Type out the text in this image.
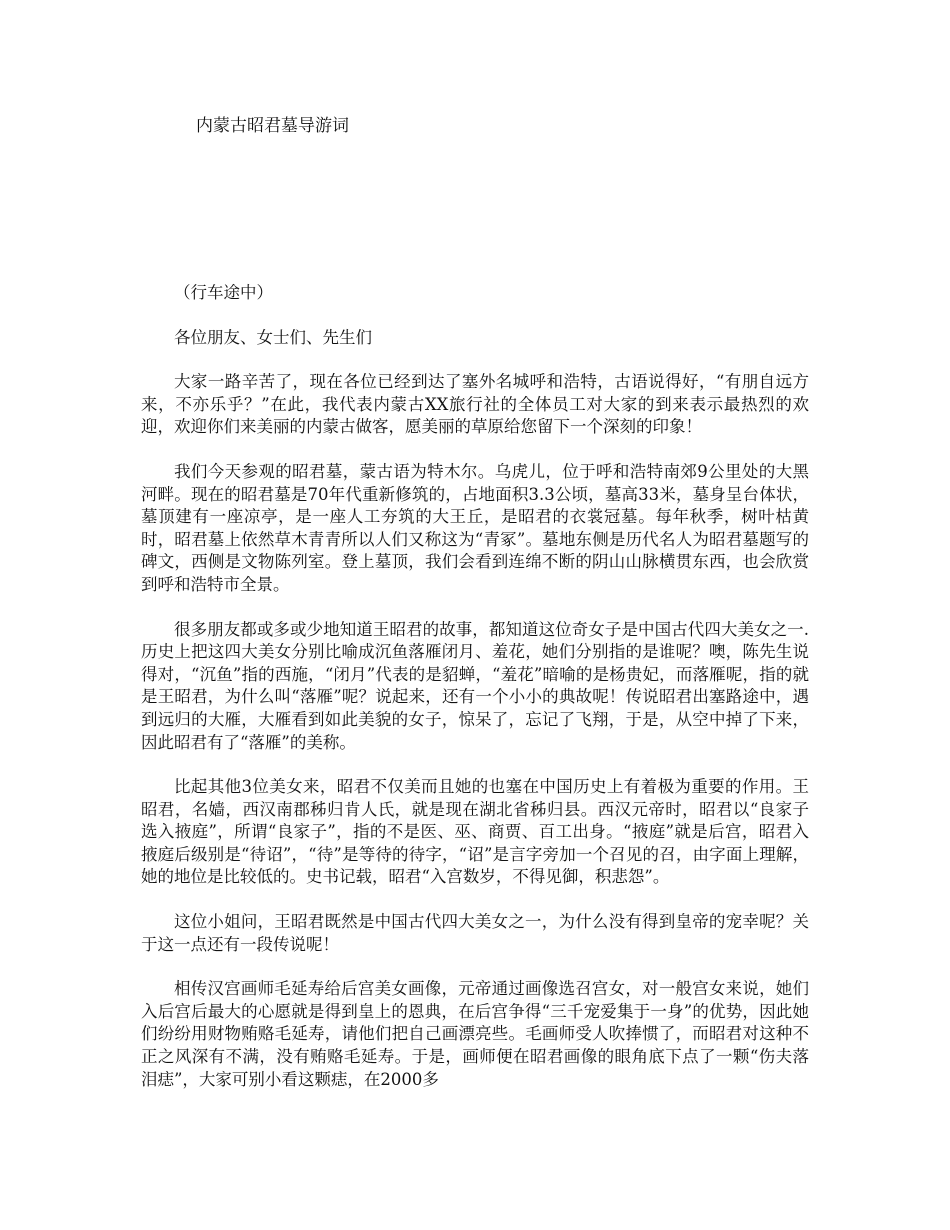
内蒙古昭君墓导游词

（行车途中）

各位朋友、女士们、先生们

大家一路辛苦了，现在各位已经到达了塞外名城呼和浩特，古语说得好，“有朋自远方来，不亦乐乎？”在此，我代表内蒙古XX旅行社的全体员工对大家的到来表示最热烈的欢迎，欢迎你们来美丽的内蒙古做客，愿美丽的草原给您留下一个深刻的印象！

我们今天参观的昭君墓，蒙古语为特木尔。乌虎儿，位于呼和浩特南郊9公里处的大黑河畔。现在的昭君墓是70年代重新修筑的，占地面积3.3公顷，墓高33米，墓身呈台体状，墓顶建有一座凉亭，是一座人工夯筑的大王丘，是昭君的衣裳冠墓。每年秋季，树叶枯黄时，昭君墓上依然草木青青所以人们又称这为“青冢”。墓地东侧是历代名人为昭君墓题写的碑文，西侧是文物陈列室。登上墓顶，我们会看到连绵不断的阴山山脉横贯东西，也会欣赏到呼和浩特市全景。

很多朋友都或多或少地知道王昭君的故事，都知道这位奇女子是中国古代四大美女之一.历史上把这四大美女分别比喻成沉鱼落雁闭月、羞花，她们分别指的是谁呢？噢，陈先生说得对，“沉鱼”指的西施，“闭月”代表的是貂蝉，“羞花”暗喻的是杨贵妃，而落雁呢，指的就是王昭君，为什么叫“落雁”呢？说起来，还有一个小小的典故呢！传说昭君出塞路途中，遇到远归的大雁，大雁看到如此美貌的女子，惊呆了，忘记了飞翔，于是，从空中掉了下来，因此昭君有了“落雁”的美称。

比起其他3位美女来，昭君不仅美而且她的也塞在中国历史上有着极为重要的作用。王昭君，名嫱，西汉南郡秭归肯人氏，就是现在湖北省秭归县。西汉元帝时，昭君以“良家子选入掖庭”，所谓“良家子”，指的不是医、巫、商贾、百工出身。“掖庭”就是后宫，昭君入掖庭后级别是“待诏”，“待”是等待的待字，“诏”是言字旁加一个召见的召，由字面上理解，她的地位是比较低的。史书记载，昭君“入宫数岁，不得见御，积悲怨”。

这位小姐问，王昭君既然是中国古代四大美女之一，为什么没有得到皇帝的宠幸呢？关于这一点还有一段传说呢！

相传汉宫画师毛延寿给后宫美女画像，元帝通过画像选召宫女，对一般宫女来说，她们入后宫后最大的心愿就是得到皇上的恩典，在后宫争得“三千宠爱集于一身”的优势，因此她们纷纷用财物贿赂毛延寿，请他们把自己画漂亮些。毛画师受人吹捧惯了，而昭君对这种不正之风深有不满，没有贿赂毛延寿。于是，画师便在昭君画像的眼角底下点了一颗“伤夫落泪痣”，大家可别小看这颗痣，在2000多
